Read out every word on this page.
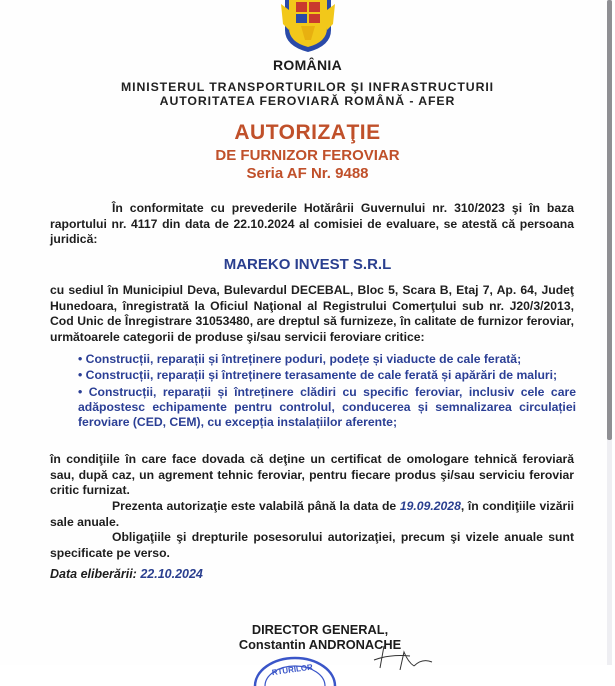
ROMÂNIA
MINISTERUL TRANSPORTURILOR ŞI INFRASTRUCTURII
AUTORITATEA FEROVIARĂ ROMÂNĂ - AFER
AUTORIZAŢIE
DE FURNIZOR FEROVIAR
Seria AF Nr. 9488
În conformitate cu prevederile Hotărârii Guvernului nr. 310/2023 şi în baza raportului nr. 4117 din data de 22.10.2024 al comisiei de evaluare, se atestă că persoana juridică:
MAREKO INVEST S.R.L
cu sediul în Municipiul Deva, Bulevardul DECEBAL, Bloc 5, Scara B, Etaj 7, Ap. 64, Judeţ Hunedoara, înregistrată la Oficiul Naţional al Registrului Comerţului sub nr. J20/3/2013, Cod Unic de Înregistrare 31053480, are dreptul să furnizeze, în calitate de furnizor feroviar, următoarele categorii de produse şi/sau servicii feroviare critice:
• Construcții, reparații și întreținere poduri, podețe și viaducte de cale ferată;
• Construcții, reparații și întreținere terasamente de cale ferată și apărări de maluri;
• Construcții, reparații și întreținere clădiri cu specific feroviar, inclusiv cele care adăpostesc echipamente pentru controlul, conducerea și semnalizarea circulației feroviare (CED, CEM), cu excepția instalațiilor aferente;
în condiţiile în care face dovada că deţine un certificat de omologare tehnică feroviară sau, după caz, un agrement tehnic feroviar, pentru fiecare produs şi/sau serviciu feroviar critic furnizat.
Prezenta autorizaţie este valabilă până la data de 19.09.2028, în condiţiile vizării sale anuale.
Obligaţiile şi drepturile posesorului autorizaţiei, precum şi vizele anuale sunt specificate pe verso.
Data eliberării: 22.10.2024
DIRECTOR GENERAL,
Constantin ANDRONACHE
RTURILOR
